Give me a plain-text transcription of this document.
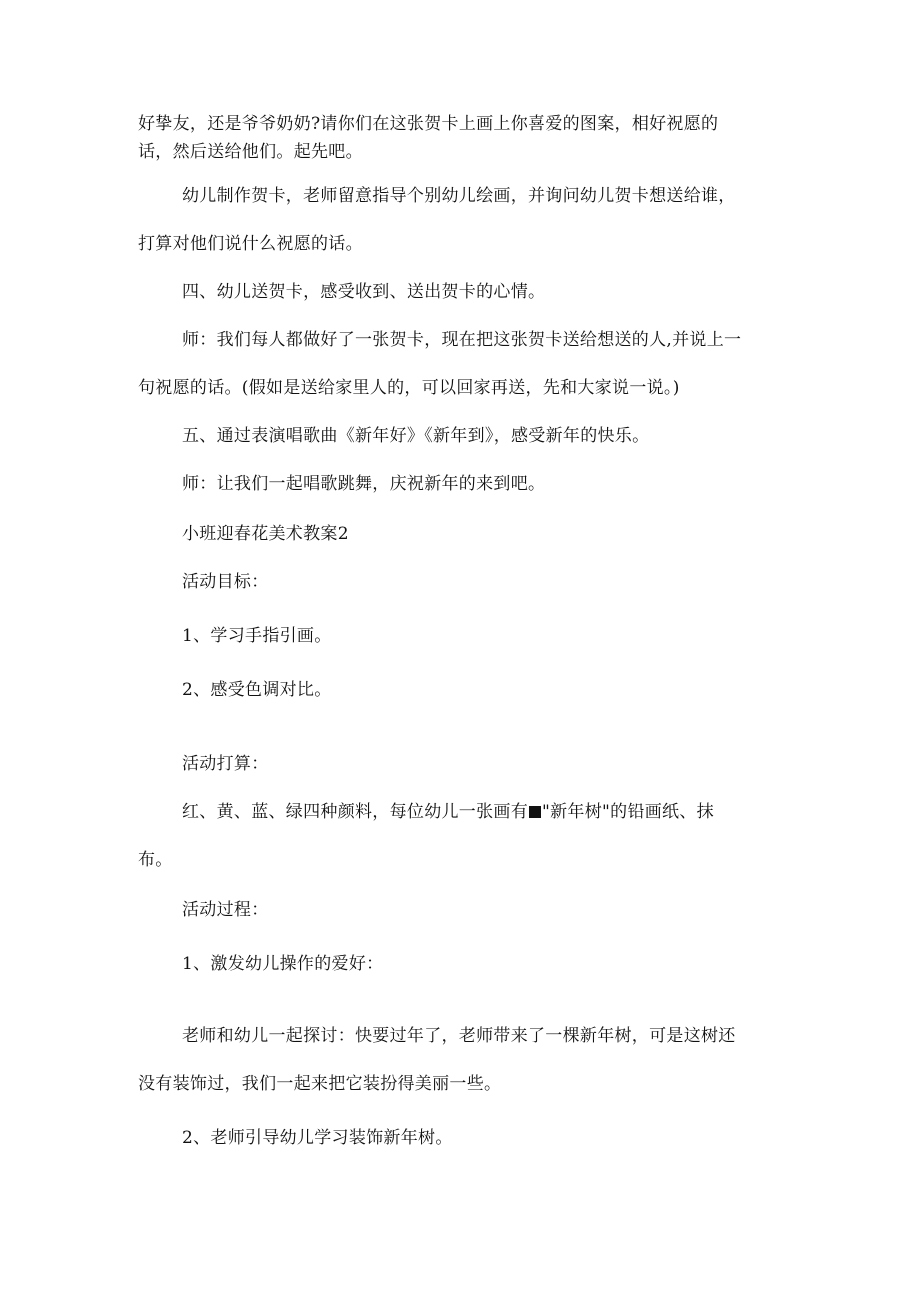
好挚友，还是爷爷奶奶?请你们在这张贺卡上画上你喜爱的图案，相好祝愿的

话，然后送给他们。起先吧。

幼儿制作贺卡，老师留意指导个别幼儿绘画，并询问幼儿贺卡想送给谁，

打算对他们说什么祝愿的话。

四、幼儿送贺卡，感受收到、送出贺卡的心情。

师：我们每人都做好了一张贺卡，现在把这张贺卡送给想送的人,并说上一

句祝愿的话。(假如是送给家里人的，可以回家再送，先和大家说一说。)

五、通过表演唱歌曲《新年好》《新年到》，感受新年的快乐。

师：让我们一起唱歌跳舞，庆祝新年的来到吧。

小班迎春花美术教案2

活动目标：

1、学习手指引画。

2、感受色调对比。

活动打算：

红、黄、蓝、绿四种颜料，每位幼儿一张画有 "新年树"的铅画纸、抹

布。

活动过程：

1、激发幼儿操作的爱好：

老师和幼儿一起探讨：快要过年了，老师带来了一棵新年树，可是这树还

没有装饰过，我们一起来把它装扮得美丽一些。

2、老师引导幼儿学习装饰新年树。
